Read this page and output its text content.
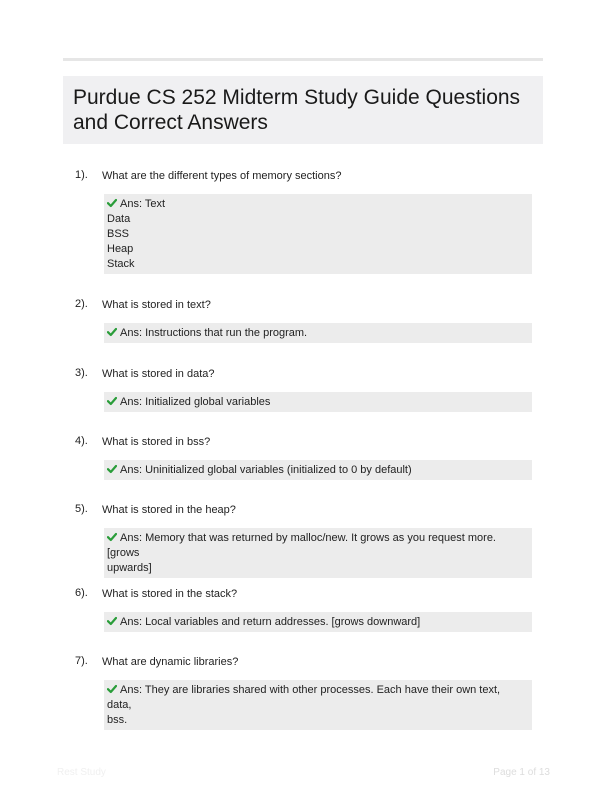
Purdue CS 252 Midterm Study Guide Questions and Correct Answers
1). What are the different types of memory sections?
Ans: Text
Data
BSS
Heap
Stack
2). What is stored in text?
Ans: Instructions that run the program.
3). What is stored in data?
Ans: Initialized global variables
4). What is stored in bss?
Ans: Uninitialized global variables (initialized to 0 by default)
5). What is stored in the heap?
Ans: Memory that was returned by malloc/new. It grows as you request more. [grows
upwards]
6). What is stored in the stack?
Ans: Local variables and return addresses. [grows downward]
7). What are dynamic libraries?
Ans: They are libraries shared with other processes. Each have their own text, data,
bss.
Rest Study	Page 1 of 13
